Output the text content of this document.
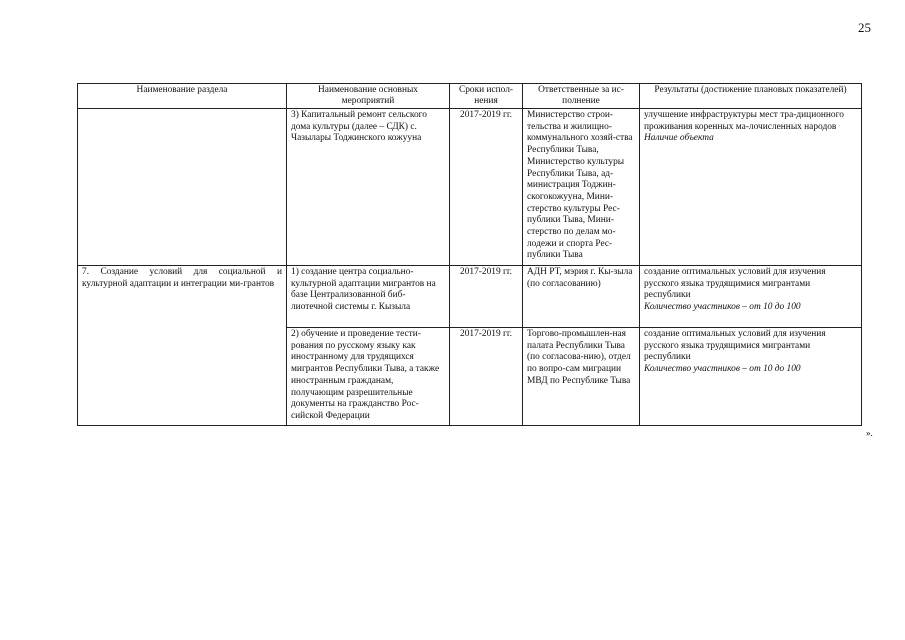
25
Наименование раздела	Наименование основных мероприятий	Сроки испол-нения	Ответственные за ис-полнение	Результаты (достижение плановых показателей)
	3) Капитальный ремонт сельского дома культуры (далее – СДК) с. Чазылары Тоджинского кожууна	2017-2019 гг.	Министерство строи-тельства и жилищно-коммунального хозяй-ства Республики Тыва, Министерство культуры Республики Тыва, ад-министрация Тоджин-скогокожууна, Мини-стерство культуры Рес-публики Тыва, Мини-стерство по делам мо-лодежи и спорта Рес-публики Тыва	улучшение инфраструктуры мест тра-диционного проживания коренных ма-лочисленных народов
Наличие объекта

7. Создание условий для социальной и культурной адаптации и интеграции ми-грантов	1) создание центра социально-культурной адаптации мигрантов на базе Централизованной биб-лиотечной системы г. Кызыла	2017-2019 гг.	АДН РТ, мэрия г. Кы-зыла (по согласованию)	создание оптимальных условий для изучения русского языка трудящимися мигрантами республики
Количество участников – от 10 до 100

	2) обучение и проведение тести-рования по русскому языку как иностранному для трудящихся мигрантов Республики Тыва, а также иностранным гражданам, получающим разрешительные документы на гражданство Рос-сийской Федерации	2017-2019 гг.	Торгово-промышлен-ная палата Республики Тыва (по согласова-нию), отдел по вопро-сам миграции МВД по Республике Тыва	создание оптимальных условий для изучения русского языка трудящимися мигрантами республики
Количество участников – от 10 до 100
».
